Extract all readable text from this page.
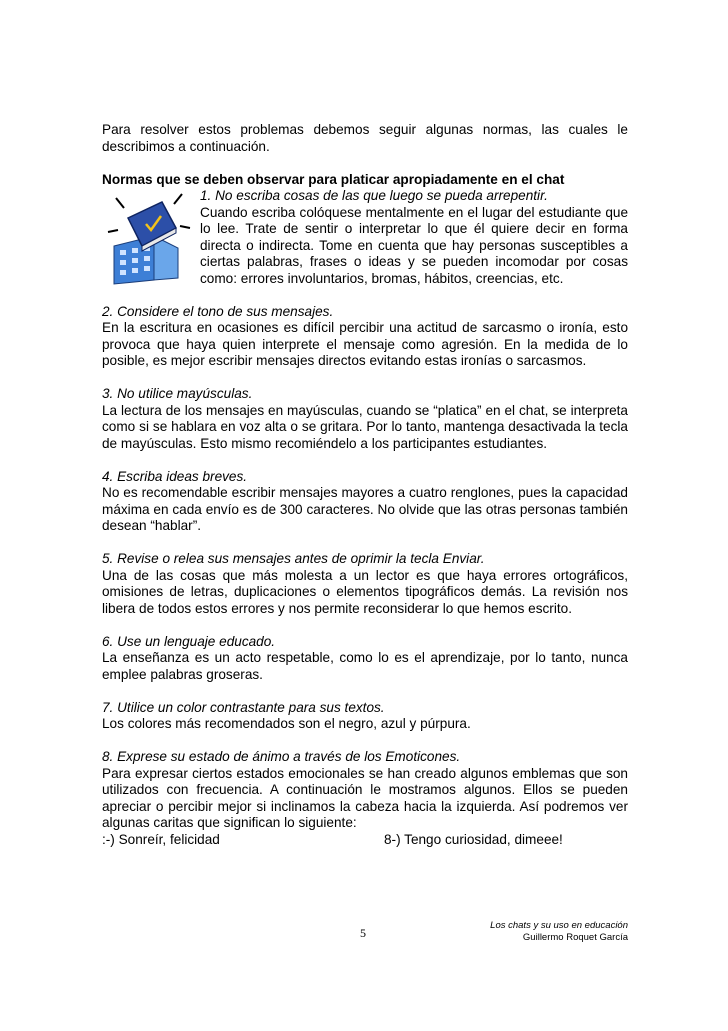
Para resolver estos problemas debemos seguir algunas normas, las cuales le describimos a continuación.

Normas que se deben observar para platicar apropiadamente en el chat

1. No escriba cosas de las que luego se pueda arrepentir.

Cuando escriba colóquese mentalmente en el lugar del estudiante que lo lee. Trate de sentir o interpretar lo que él quiere decir en forma directa o indirecta. Tome en cuenta que hay personas susceptibles a ciertas palabras, frases o ideas y se pueden incomodar por cosas como: errores involuntarios, bromas, hábitos, creencias, etc.

2. Considere el tono de sus mensajes.

En la escritura en ocasiones es difícil percibir una actitud de sarcasmo o ironía, esto provoca que haya quien interprete el mensaje como agresión. En la medida de lo posible, es mejor escribir mensajes directos evitando estas ironías o sarcasmos.

3. No utilice mayúsculas.

La lectura de los mensajes en mayúsculas, cuando se “platica” en el chat, se interpreta como si se hablara en voz alta o se gritara. Por lo tanto, mantenga desactivada la tecla de mayúsculas. Esto mismo recomiéndelo a los participantes estudiantes.

4. Escriba ideas breves.

No es recomendable escribir mensajes mayores a cuatro renglones, pues la capacidad máxima en cada envío es de 300 caracteres. No olvide que las otras personas también desean “hablar”.

5. Revise o relea sus mensajes antes de oprimir la tecla Enviar.

Una de las cosas que más molesta a un lector es que haya errores ortográficos, omisiones de letras, duplicaciones o elementos tipográficos demás. La revisión nos libera de todos estos errores y nos permite reconsiderar lo que hemos escrito.

6. Use un lenguaje educado.

La enseñanza es un acto respetable, como lo es el aprendizaje, por lo tanto, nunca emplee palabras groseras.

7. Utilice un color contrastante para sus textos.

Los colores más recomendados son el negro, azul y púrpura.

8. Exprese su estado de ánimo a través de los Emoticones.

Para expresar ciertos estados emocionales se han creado algunos emblemas que son utilizados con frecuencia. A continuación le mostramos algunos. Ellos se pueden apreciar o percibir mejor si inclinamos la cabeza hacia la izquierda. Así podremos ver algunas caritas que significan lo siguiente:

:-) Sonreír, felicidad	8-) Tengo curiosidad, dimeee!
5
Los chats y su uso en educación
Guillermo Roquet García
